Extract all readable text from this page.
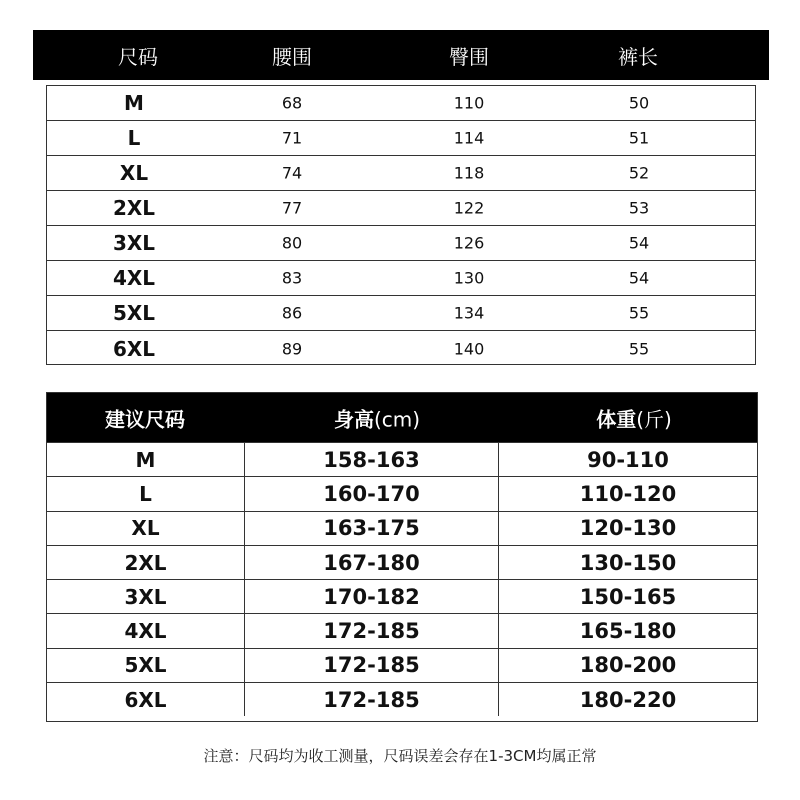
尺码	腰围	臀围	裤长
M	68	110	50
L	71	114	51
XL	74	118	52
2XL	77	122	53
3XL	80	126	54
4XL	83	130	54
5XL	86	134	55
6XL	89	140	55
建议尺码	身高(cm)	体重(斤)
M	158-163	90-110
L	160-170	110-120
XL	163-175	120-130
2XL	167-180	130-150
3XL	170-182	150-165
4XL	172-185	165-180
5XL	172-185	180-200
6XL	172-185	180-220
注意：尺码均为收工测量，尺码误差会存在1-3CM均属正常
